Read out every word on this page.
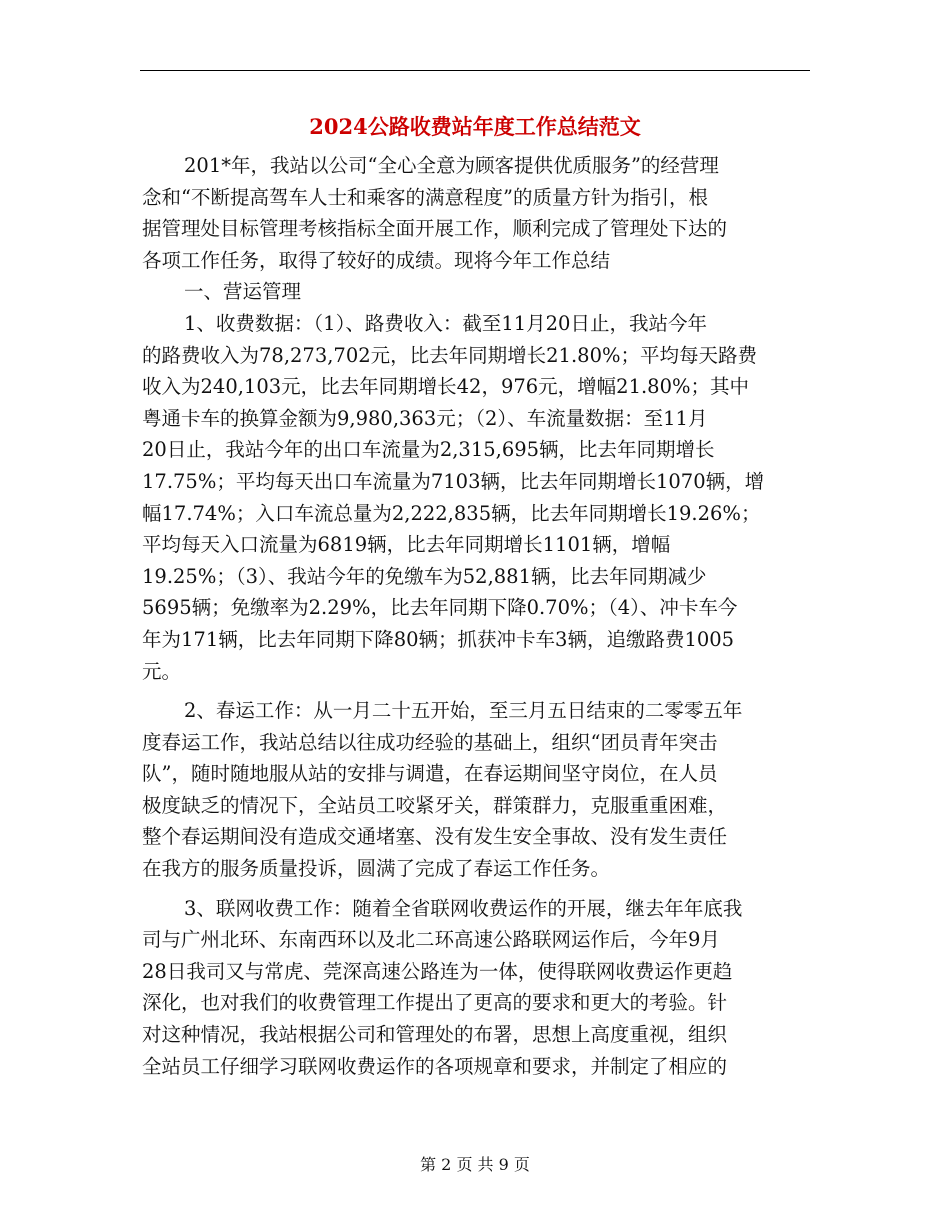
2024公路收费站年度工作总结范文
201*年，我站以公司“全心全意为顾客提供优质服务”的经营理
念和“不断提高驾车人士和乘客的满意程度”的质量方针为指引，根
据管理处目标管理考核指标全面开展工作，顺利完成了管理处下达的
各项工作任务，取得了较好的成绩。现将今年工作总结
一、营运管理
1、收费数据：（1）、路费收入：截至11月20日止，我站今年
的路费收入为78,273,702元，比去年同期增长21.80%；平均每天路费
收入为240,103元，比去年同期增长42，976元，增幅21.80%；其中
粤通卡车的换算金额为9,980,363元；（2）、车流量数据：至11月
20日止，我站今年的出口车流量为2,315,695辆，比去年同期增长
17.75%；平均每天出口车流量为7103辆，比去年同期增长1070辆，增
幅17.74%；入口车流总量为2,222,835辆，比去年同期增长19.26%；
平均每天入口流量为6819辆，比去年同期增长1101辆，增幅
19.25%；（3）、我站今年的免缴车为52,881辆，比去年同期减少
5695辆；免缴率为2.29%，比去年同期下降0.70%；（4）、冲卡车今
年为171辆，比去年同期下降80辆；抓获冲卡车3辆，追缴路费1005
元。
2、春运工作：从一月二十五开始，至三月五日结束的二零零五年
度春运工作，我站总结以往成功经验的基础上，组织“团员青年突击
队”，随时随地服从站的安排与调遣，在春运期间坚守岗位，在人员
极度缺乏的情况下，全站员工咬紧牙关，群策群力，克服重重困难，
整个春运期间没有造成交通堵塞、没有发生安全事故、没有发生责任
在我方的服务质量投诉，圆满了完成了春运工作任务。
3、联网收费工作：随着全省联网收费运作的开展，继去年年底我
司与广州北环、东南西环以及北二环高速公路联网运作后，今年9月
28日我司又与常虎、莞深高速公路连为一体，使得联网收费运作更趋
深化，也对我们的收费管理工作提出了更高的要求和更大的考验。针
对这种情况，我站根据公司和管理处的布署，思想上高度重视，组织
全站员工仔细学习联网收费运作的各项规章和要求，并制定了相应的
第 2 页 共 9 页
